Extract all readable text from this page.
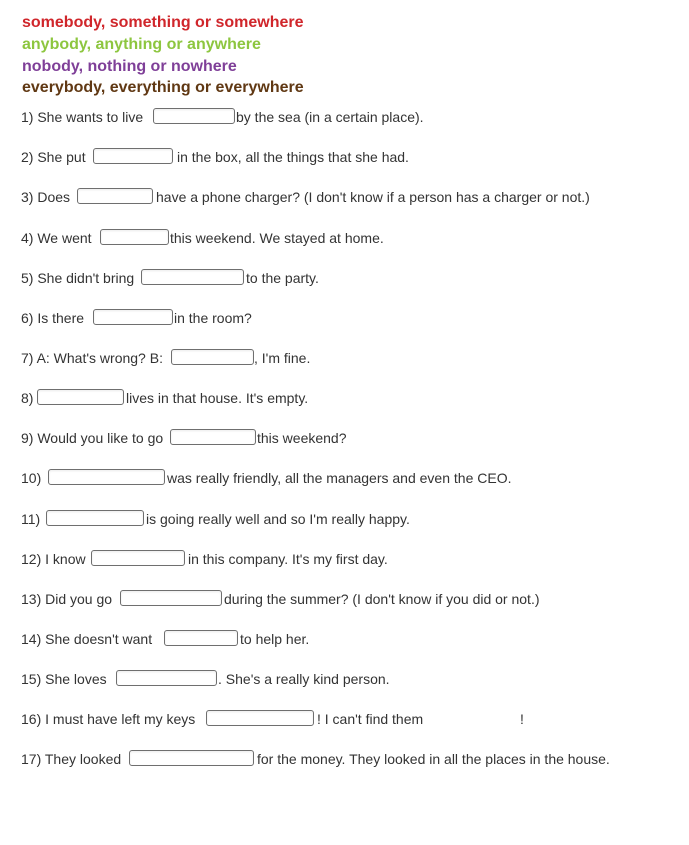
somebody, something or somewhere
anybody, anything or anywhere
nobody, nothing or nowhere
everybody, everything or everywhere
1) She wants to live	by the sea (in a certain place).
2) She put	in the box, all the things that she had.
3) Does	have a phone charger? (I don't know if a person has a charger or not.)
4) We went	this weekend. We stayed at home.
5) She didn't bring	to the party.
6) Is there	in the room?
7) A: What's wrong? B:	, I'm fine.
8)	lives in that house. It's empty.
9) Would you like to go	this weekend?
10)	was really friendly, all the managers and even the CEO.
11)	is going really well and so I'm really happy.
12) I know	in this company. It's my first day.
13) Did you go	during the summer? (I don't know if you did or not.)
14) She doesn't want	to help her.
15) She loves	. She's a really kind person.
16) I must have left my keys	! I can't find them	!
17) They looked	for the money. They looked in all the places in the house.
